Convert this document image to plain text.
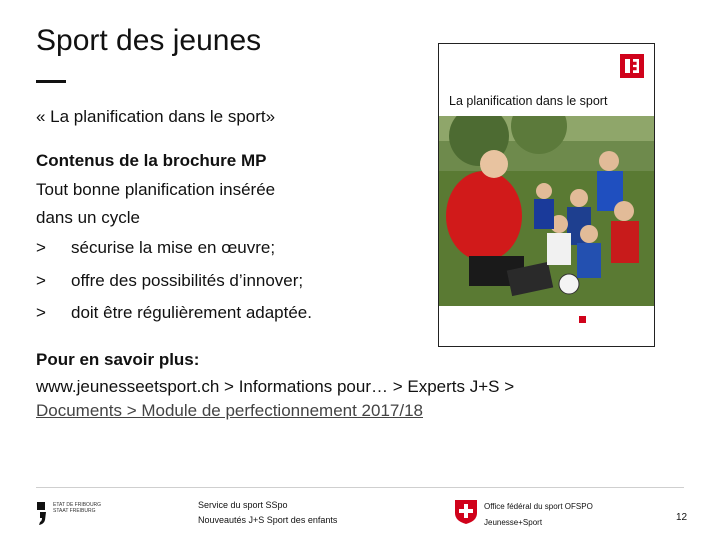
Sport des jeunes
« La planification dans le sport»
Contenus de la brochure MP
Tout bonne planification insérée
dans un cycle
>	sécurise la mise en œuvre;
>	offre des possibilités d’innover;
>	doit être régulièrement adaptée.
Pour en savoir plus:
www.jeunesseetsport.ch > Informations pour… > Experts J+S >
Documents > Module de perfectionnement 2017/18
La planification dans le sport
ETAT DE FRIBOURG STAAT FREIBURG
Service du sport SSpo
Nouveautés J+S Sport des enfants
Office fédéral du sport OFSPO
Jeunesse+Sport	12
